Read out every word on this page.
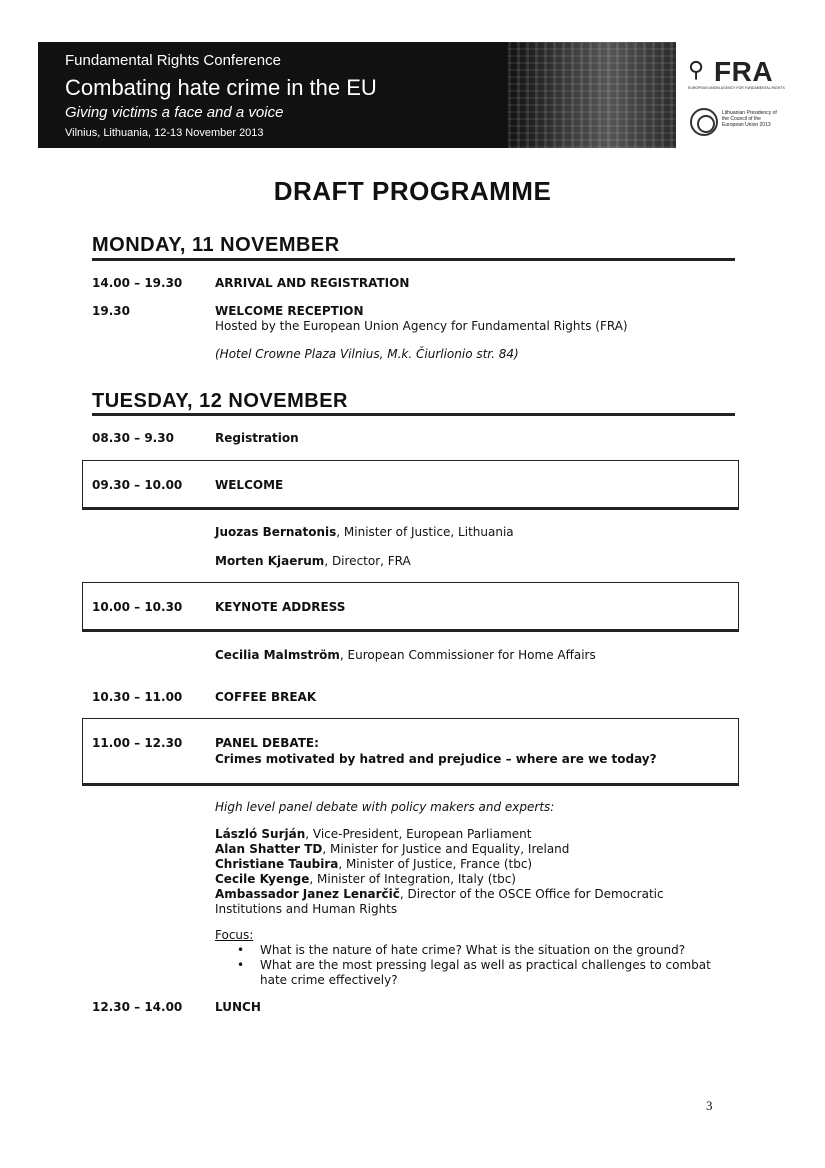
Fundamental Rights Conference
Combating hate crime in the EU
Giving victims a face and a voice
Vilnius, Lithuania, 12-13 November 2013
⚲ FRA
EUROPEAN UNION AGENCY FOR FUNDAMENTAL RIGHTS
Lithuanian Presidency of the Council of the European Union 2013
DRAFT PROGRAMME
MONDAY, 11 NOVEMBER
14.00 – 19.30	ARRIVAL AND REGISTRATION
19.30	WELCOME RECEPTION
Hosted by the European Union Agency for Fundamental Rights (FRA)
(Hotel Crowne Plaza Vilnius, M.k. Čiurlionio str. 84)
TUESDAY, 12 NOVEMBER
08.30 – 9.30	Registration
09.30 – 10.00	WELCOME
Juozas Bernatonis, Minister of Justice, Lithuania
Morten Kjaerum, Director, FRA
10.00 – 10.30	KEYNOTE ADDRESS
Cecilia Malmström, European Commissioner for Home Affairs
10.30 – 11.00	COFFEE BREAK
11.00 – 12.30	PANEL DEBATE:
Crimes motivated by hatred and prejudice – where are we today?
High level panel debate with policy makers and experts:
László Surján, Vice-President, European Parliament
Alan Shatter TD, Minister for Justice and Equality, Ireland
Christiane Taubira, Minister of Justice, France (tbc)
Cecile Kyenge, Minister of Integration, Italy (tbc)
Ambassador Janez Lenarčič, Director of the OSCE Office for Democratic
Institutions and Human Rights
Focus:
• What is the nature of hate crime? What is the situation on the ground?
• What are the most pressing legal as well as practical challenges to combat
hate crime effectively?
12.30 – 14.00	LUNCH
3
